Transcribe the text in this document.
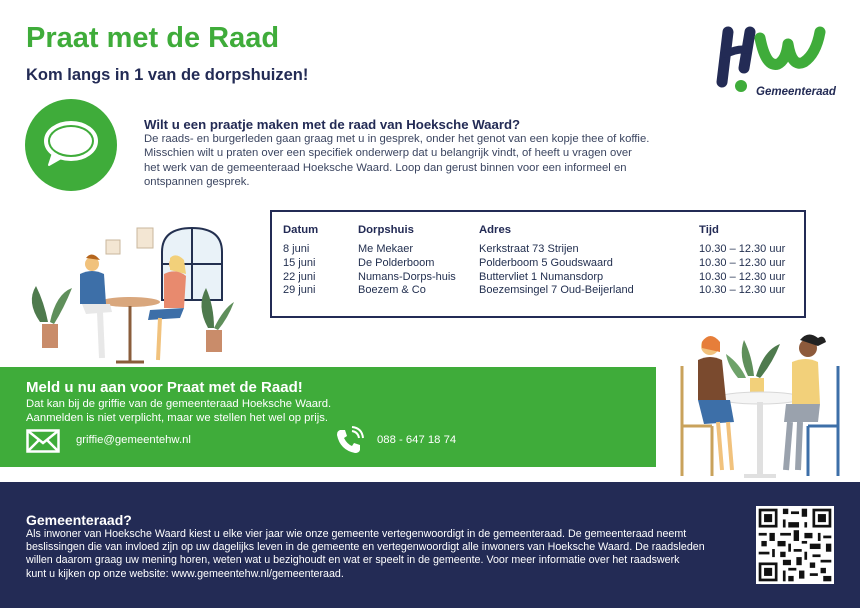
Praat met de Raad
Kom langs in 1 van de dorpshuizen!
Gemeenteraad
Wilt u een praatje maken met de raad van Hoeksche Waard?
De raads- en burgerleden gaan graag met u in gesprek, onder het genot van een kopje thee of koffie.
Misschien wilt u praten over een specifiek onderwerp dat u belangrijk vindt, of heeft u vragen over
het werk van de gemeenteraad Hoeksche Waard. Loop dan gerust binnen voor een informeel en
ontspannen gesprek.
Datum
8 juni
15 juni
22 juni
29 juni
Dorpshuis
Me Mekaer
De Polderboom
Numans-Dorps-huis
Boezem & Co
Adres
Kerkstraat 73 Strijen
Polderboom 5 Goudswaard
Buttervliet 1 Numansdorp
Boezemsingel 7 Oud-Beijerland
Tijd
10.30 – 12.30 uur
10.30 – 12.30 uur
10.30 – 12.30 uur
10.30 – 12.30 uur
Meld u nu aan voor Praat met de Raad!
Dat kan bij de griffie van de gemeenteraad Hoeksche Waard.
Aanmelden is niet verplicht, maar we stellen het wel op prijs.
griffie@gemeentehw.nl	088 - 647 18 74
Gemeenteraad?
Als inwoner van Hoeksche Waard kiest u elke vier jaar wie onze gemeente vertegenwoordigt in de gemeenteraad. De gemeenteraad neemt
beslissingen die van invloed zijn op uw dagelijks leven in de gemeente en vertegenwoordigt alle inwoners van Hoeksche Waard. De raadsleden
willen daarom graag uw mening horen, weten wat u bezighoudt en wat er speelt in de gemeente. Voor meer informatie over het raadswerk
kunt u kijken op onze website: www.gemeentehw.nl/gemeenteraad.
